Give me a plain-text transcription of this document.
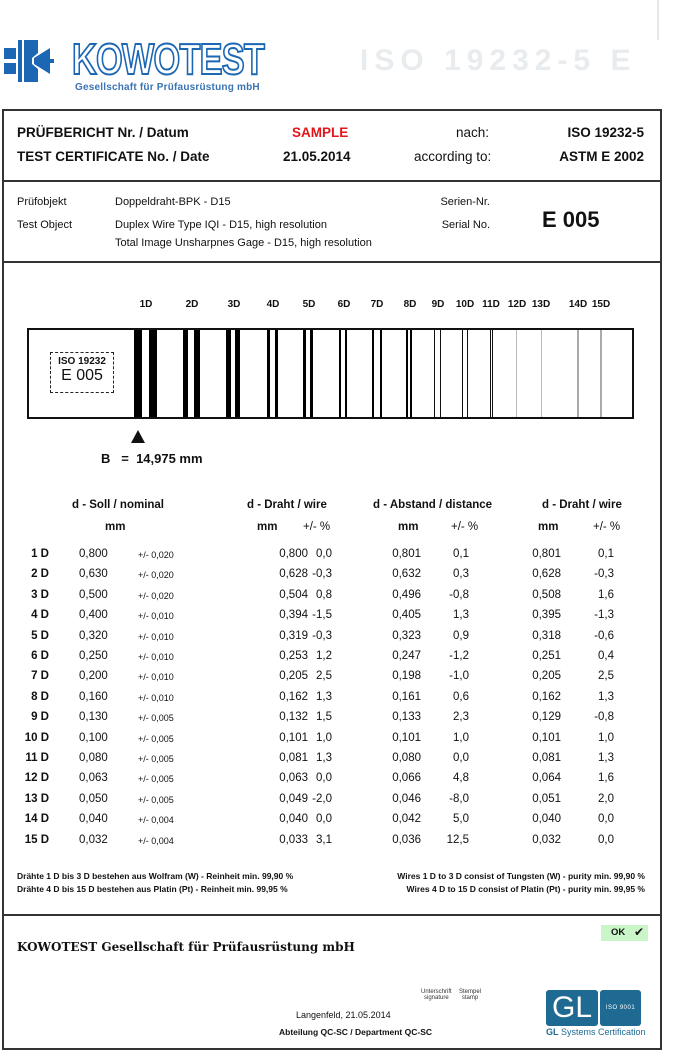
KOWOTEST
Gesellschaft für Prüfausrüstung mbH
ISO 19232-5 E
PRÜFBERICHT Nr. / Datum
TEST CERTIFICATE No. / Date
SAMPLE
21.05.2014
nach:
according to:
ISO 19232-5
ASTM E 2002
Prüfobjekt
Test Object
Doppeldraht-BPK - D15
Duplex Wire Type IQI - D15, high resolution
Total Image Unsharpnes Gage - D15, high resolution
Serien-Nr.
Serial No. E 005
1D	2D	3D	4D 5D 6D 7D 8D 9D 10D 11D 12D 13D 14D 15D
ISO 19232
E 005
B = 14,975 mm
d - Soll / nominal
mm
d - Draht / wire
mm +/- %
d - Abstand / distance
mm	+/- %
d - Draht / wire
mm	+/- %
1 D	0,800	+/- 0,020	0,800 0,0	0,801	0,1	0,801	0,1
2 D	0,630	+/- 0,020	0,628 -0,3	0,632	0,3	0,628	-0,3
3 D	0,500	+/- 0,020	0,504 0,8	0,496 -0,8	0,508	1,6
4 D	0,400	+/- 0,010	0,394 -1,5	0,405	1,3	0,395	-1,3
5 D	0,320	+/- 0,010	0,319 -0,3	0,323	0,9	0,318	-0,6
6 D	0,250	+/- 0,010	0,253 1,2	0,247 -1,2	0,251	0,4
7 D	0,200	+/- 0,010	0,205 2,5	0,198 -1,0	0,205	2,5
8 D	0,160	+/- 0,010	0,162 1,3	0,161	0,6	0,162	1,3
9 D	0,130	+/- 0,005	0,132 1,5	0,133	2,3	0,129	-0,8
10 D	0,100	+/- 0,005	0,101 1,0	0,101	1,0	0,101	1,0
11 D	0,080	+/- 0,005	0,081 1,3	0,080	0,0	0,081	1,3
12 D	0,063	+/- 0,005	0,063 0,0	0,066	4,8	0,064	1,6
13 D	0,050	+/- 0,005	0,049 -2,0	0,046 -8,0	0,051	2,0
14 D	0,040	+/- 0,004	0,040 0,0	0,042	5,0	0,040	0,0
15 D	0,032	+/- 0,004	0,033 3,1	0,036 12,5	0,032	0,0
Drähte 1 D bis 3 D bestehen aus Wolfram (W) - Reinheit min. 99,90 %
Drähte 4 D bis 15 D bestehen aus Platin (Pt) - Reinheit min. 99,95 %
Wires 1 D to 3 D consist of Tungsten (W) - purity min. 99,90 %
Wires 4 D to 15 D consist of Platin (Pt) - purity min. 99,95 %
OK ✔
KOWOTEST Gesellschaft für Prüfausrüstung mbH
Unterschrift
signature
Stempel
stamp
Langenfeld, 21.05.2014
Abteilung QC-SC / Department QC-SC
GL	ISO 9001
GL Systems Certification
